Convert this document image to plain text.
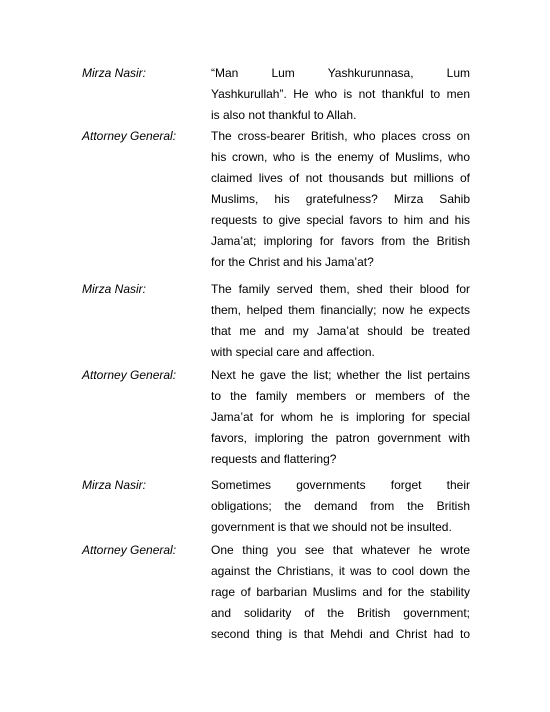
Mirza Nasir:	“Man Lum Yashkurunnasa, Lum
Yashkurullah”. He who is not thankful to men
is also not thankful to Allah.
Attorney General:	The cross-bearer British, who places cross on
his crown, who is the enemy of Muslims, who
claimed lives of not thousands but millions of
Muslims, his gratefulness? Mirza Sahib
requests to give special favors to him and his
Jama’at; imploring for favors from the British
for the Christ and his Jama’at?
Mirza Nasir:	The family served them, shed their blood for
them, helped them financially; now he expects
that me and my Jama’at should be treated
with special care and affection.
Attorney General:	Next he gave the list; whether the list pertains
to the family members or members of the
Jama’at for whom he is imploring for special
favors, imploring the patron government with
requests and flattering?
Mirza Nasir:	Sometimes governments forget their
obligations; the demand from the British
government is that we should not be insulted.
Attorney General:	One thing you see that whatever he wrote
against the Christians, it was to cool down the
rage of barbarian Muslims and for the stability
and solidarity of the British government;
second thing is that Mehdi and Christ had to
